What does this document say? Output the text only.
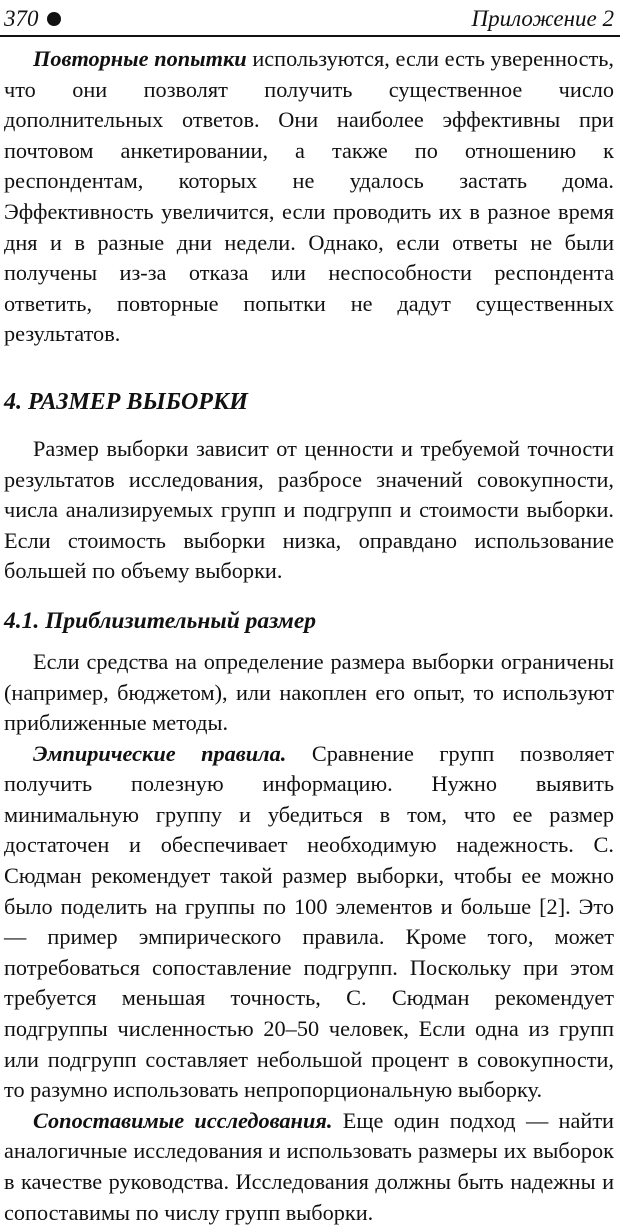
370	Приложение 2

Повторные попытки используются, если есть уверенность, что они позволят получить существенное число дополнительных ответов. Они наиболее эффективны при почтовом анкетировании, а также по отношению к респондентам, которых не удалось застать дома. Эффективность увеличится, если проводить их в разное время дня и в разные дни недели. Однако, если ответы не были получены из-за отказа или неспособности респондента ответить, повторные попытки не дадут существенных результатов.

4. РАЗМЕР ВЫБОРКИ

Размер выборки зависит от ценности и требуемой точности результатов исследования, разбросе значений совокупности, числа анализируемых групп и подгрупп и стоимости выборки. Если стоимость выборки низка, оправдано использование большей по объему выборки.

4.1. Приблизительный размер

Если средства на определение размера выборки ограничены (например, бюджетом), или накоплен его опыт, то используют приближенные методы.

Эмпирические правила. Сравнение групп позволяет получить полезную информацию. Нужно выявить минимальную группу и убедиться в том, что ее размер достаточен и обеспечивает необходимую надежность. С. Сюдман рекомендует такой размер выборки, чтобы ее можно было поделить на группы по 100 элементов и больше [2]. Это — пример эмпирического правила. Кроме того, может потребоваться сопоставление подгрупп. Поскольку при этом требуется меньшая точность, С. Сюдман рекомендует подгруппы численностью 20–50 человек, Если одна из групп или подгрупп составляет небольшой процент в совокупности, то разумно использовать непропорциональную выборку.

Сопоставимые исследования. Еще один подход — найти аналогичные исследования и использовать размеры их выборок в качестве руководства. Исследования должны быть надежны и сопоставимы по числу групп выборки.
